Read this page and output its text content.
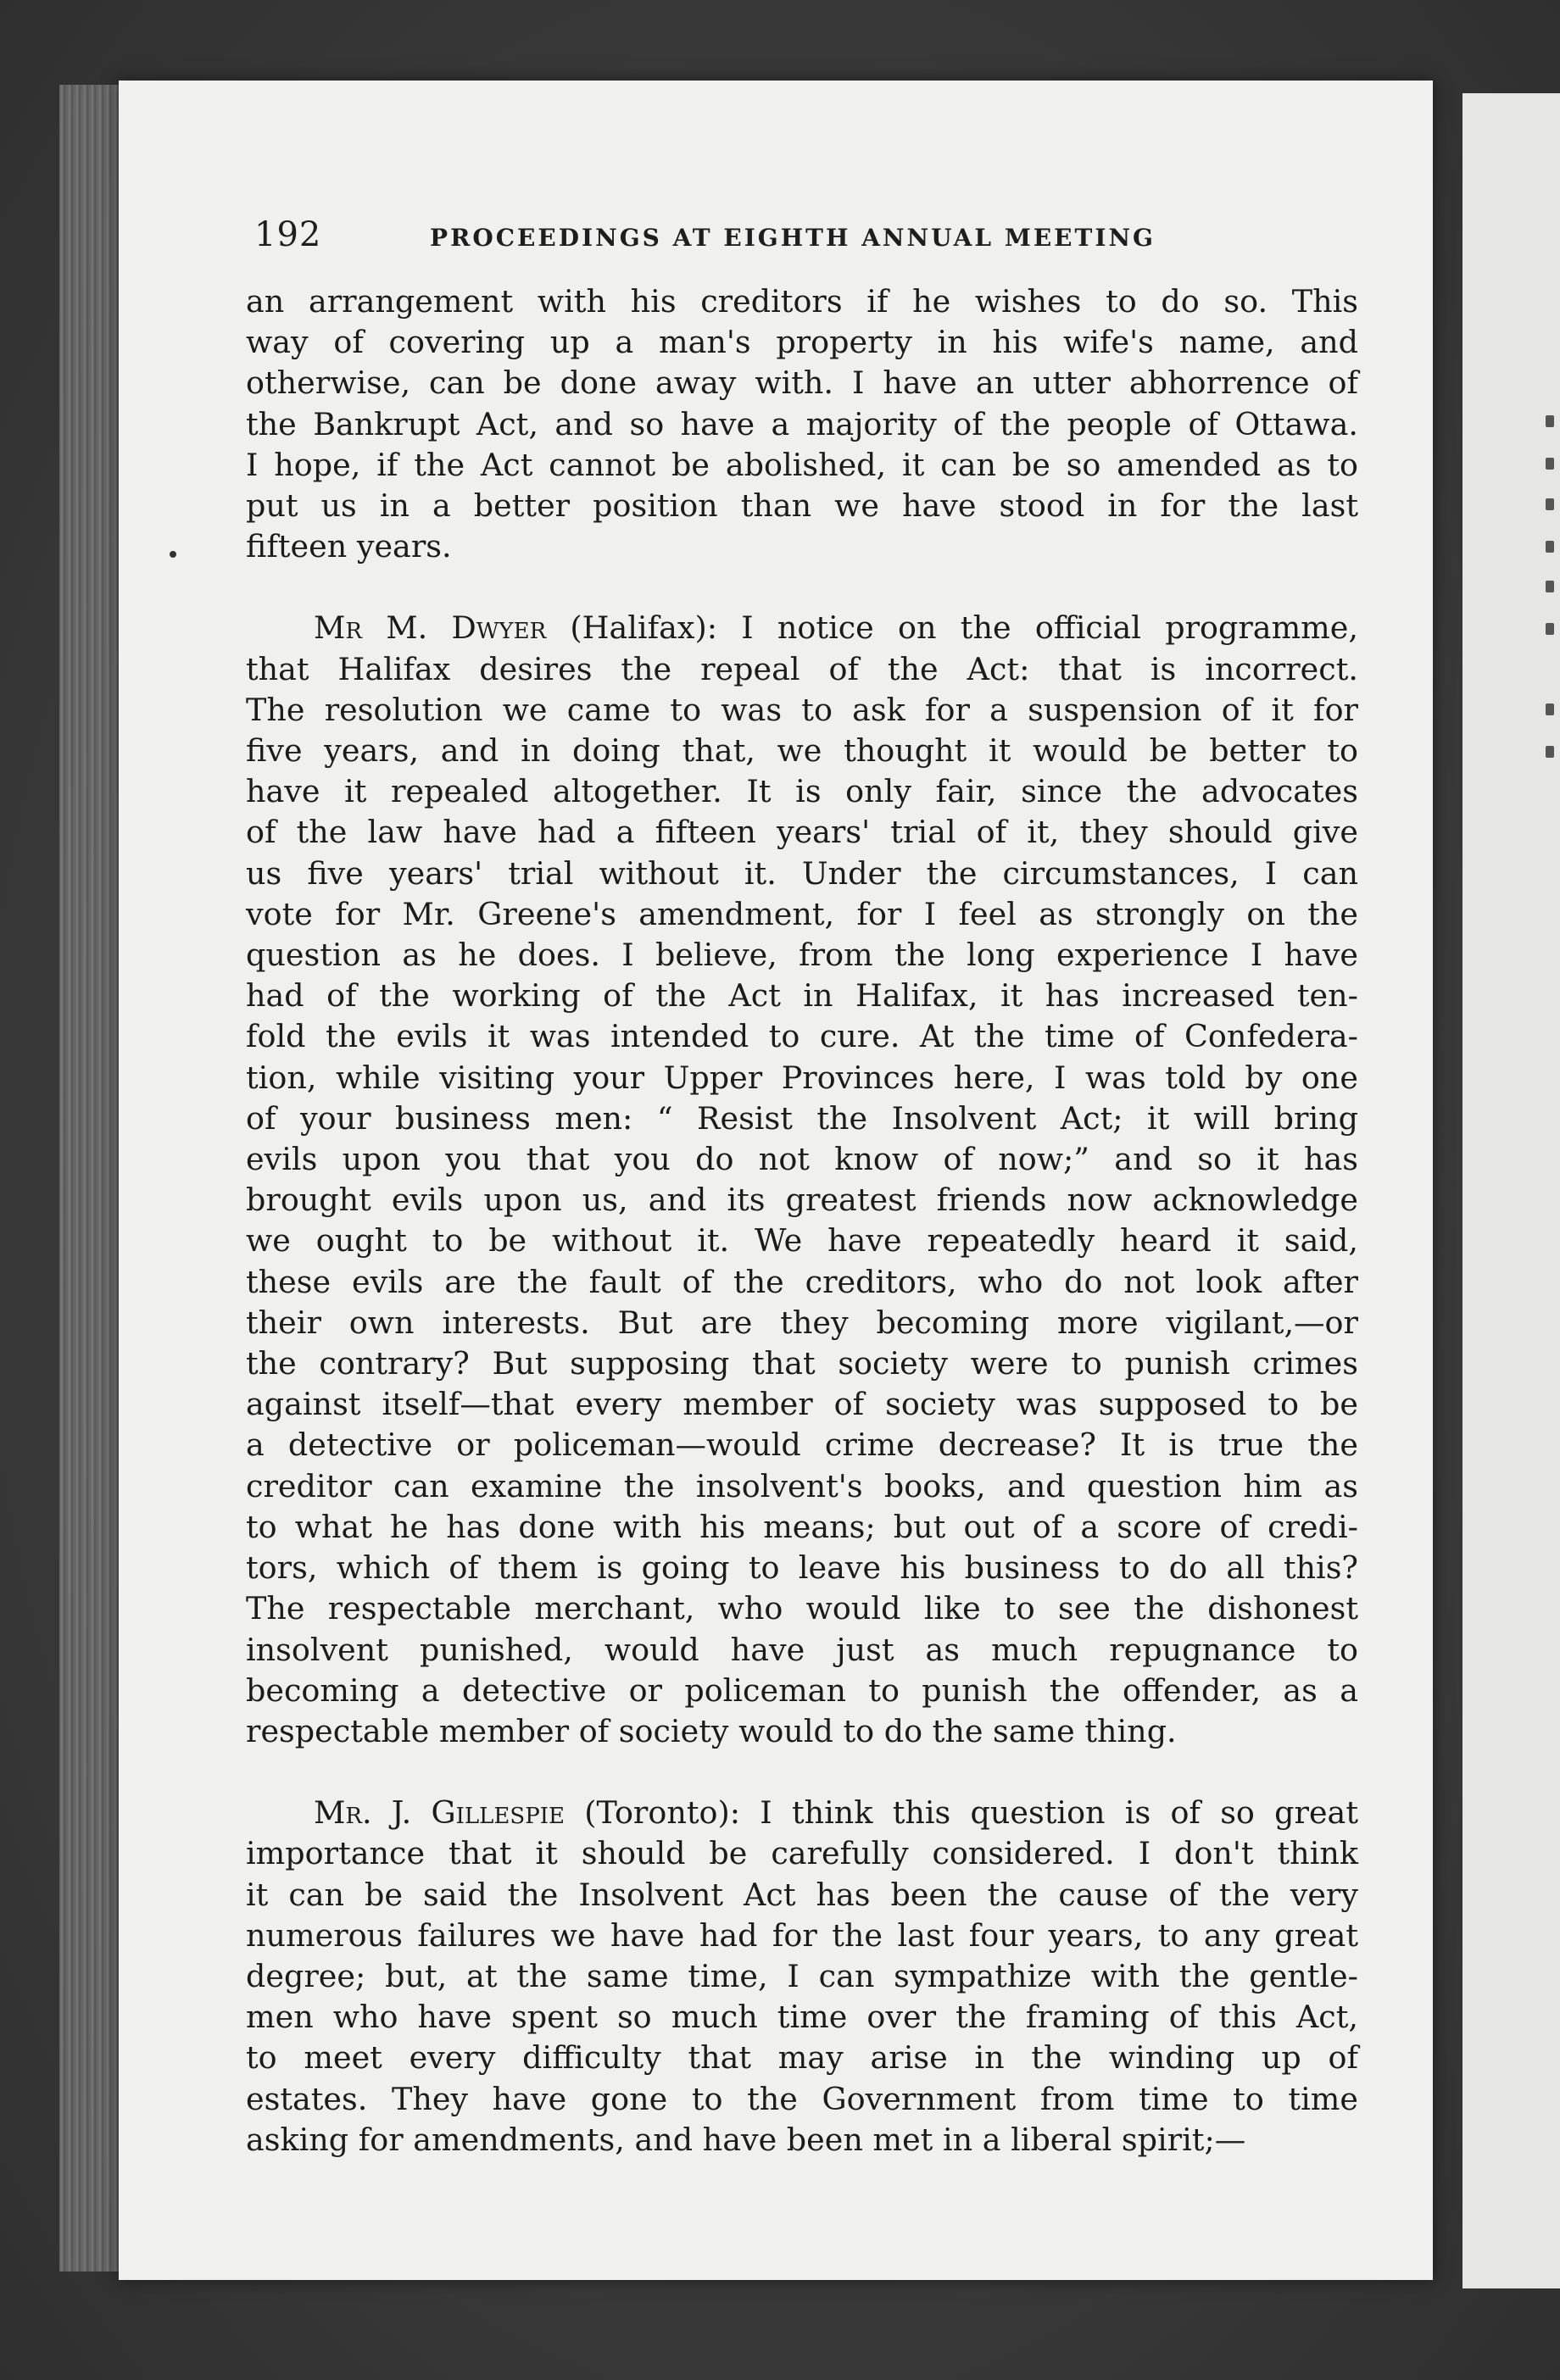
192	PROCEEDINGS AT EIGHTH ANNUAL MEETING

an arrangement with his creditors if he wishes to do so. This
way of covering up a man's property in his wife's name, and
otherwise, can be done away with. I have an utter abhorrence of
the Bankrupt Act, and so have a majority of the people of Ottawa.
I hope, if the Act cannot be abolished, it can be so amended as to
put us in a better position than we have stood in for the last
fifteen years.

Mr M. Dwyer (Halifax): I notice on the official programme,
that Halifax desires the repeal of the Act: that is incorrect.
The resolution we came to was to ask for a suspension of it for
five years, and in doing that, we thought it would be better to
have it repealed altogether. It is only fair, since the advocates
of the law have had a fifteen years' trial of it, they should give
us five years' trial without it. Under the circumstances, I can
vote for Mr. Greene's amendment, for I feel as strongly on the
question as he does. I believe, from the long experience I have
had of the working of the Act in Halifax, it has increased ten-
fold the evils it was intended to cure. At the time of Confedera-
tion, while visiting your Upper Provinces here, I was told by one
of your business men: “ Resist the Insolvent Act; it will bring
evils upon you that you do not know of now;” and so it has
brought evils upon us, and its greatest friends now acknowledge
we ought to be without it. We have repeatedly heard it said,
these evils are the fault of the creditors, who do not look after
their own interests. But are they becoming more vigilant,—or
the contrary? But supposing that society were to punish crimes
against itself—that every member of society was supposed to be
a detective or policeman—would crime decrease? It is true the
creditor can examine the insolvent's books, and question him as
to what he has done with his means; but out of a score of credi-
tors, which of them is going to leave his business to do all this?
The respectable merchant, who would like to see the dishonest
insolvent punished, would have just as much repugnance to
becoming a detective or policeman to punish the offender, as a
respectable member of society would to do the same thing.

Mr. J. Gillespie (Toronto): I think this question is of so great
importance that it should be carefully considered. I don't think
it can be said the Insolvent Act has been the cause of the very
numerous failures we have had for the last four years, to any great
degree; but, at the same time, I can sympathize with the gentle-
men who have spent so much time over the framing of this Act,
to meet every difficulty that may arise in the winding up of
estates. They have gone to the Government from time to time
asking for amendments, and have been met in a liberal spirit;—
